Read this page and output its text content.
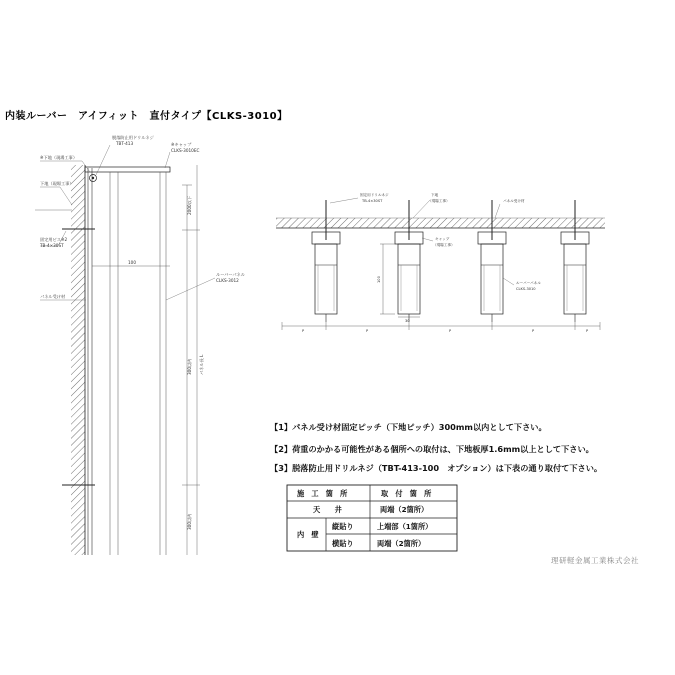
内装ルーバー　アイフィット　直付タイプ【CLKS-3010】
脱落防止用ドリルネジ
TBT-413	※キャップ
CLKS-3010EC
※下地（現場工事）
下地（現場工事）
固定用ビス※2
TB-4×30ST
パネル受け材
ルーバーパネル
CLKS-3012
100
2000以下
300以内 パネル長 L
300以内
固定用ドリルネジ
TB-4×30ST
下地
（現場工事）	パネル受け材
キャップ
（現場工事）
ルーバーパネル
CLKS-3010
100
30
P	P	P	P	P
【1】パネル受け材固定ピッチ（下地ピッチ）300mm以内として下さい。
【2】荷重のかかる可能性がある個所への取付は、下地板厚1.6mm以上として下さい。
【3】脱落防止用ドリルネジ（TBT-413-100　オプション）は下表の通り取付て下さい。
施　工　箇　所	取　付　箇　所
天　　井	両端（2箇所）
内　壁
縦貼り	上端部（1箇所）
横貼り	両端（2箇所）
理研軽金属工業株式会社
